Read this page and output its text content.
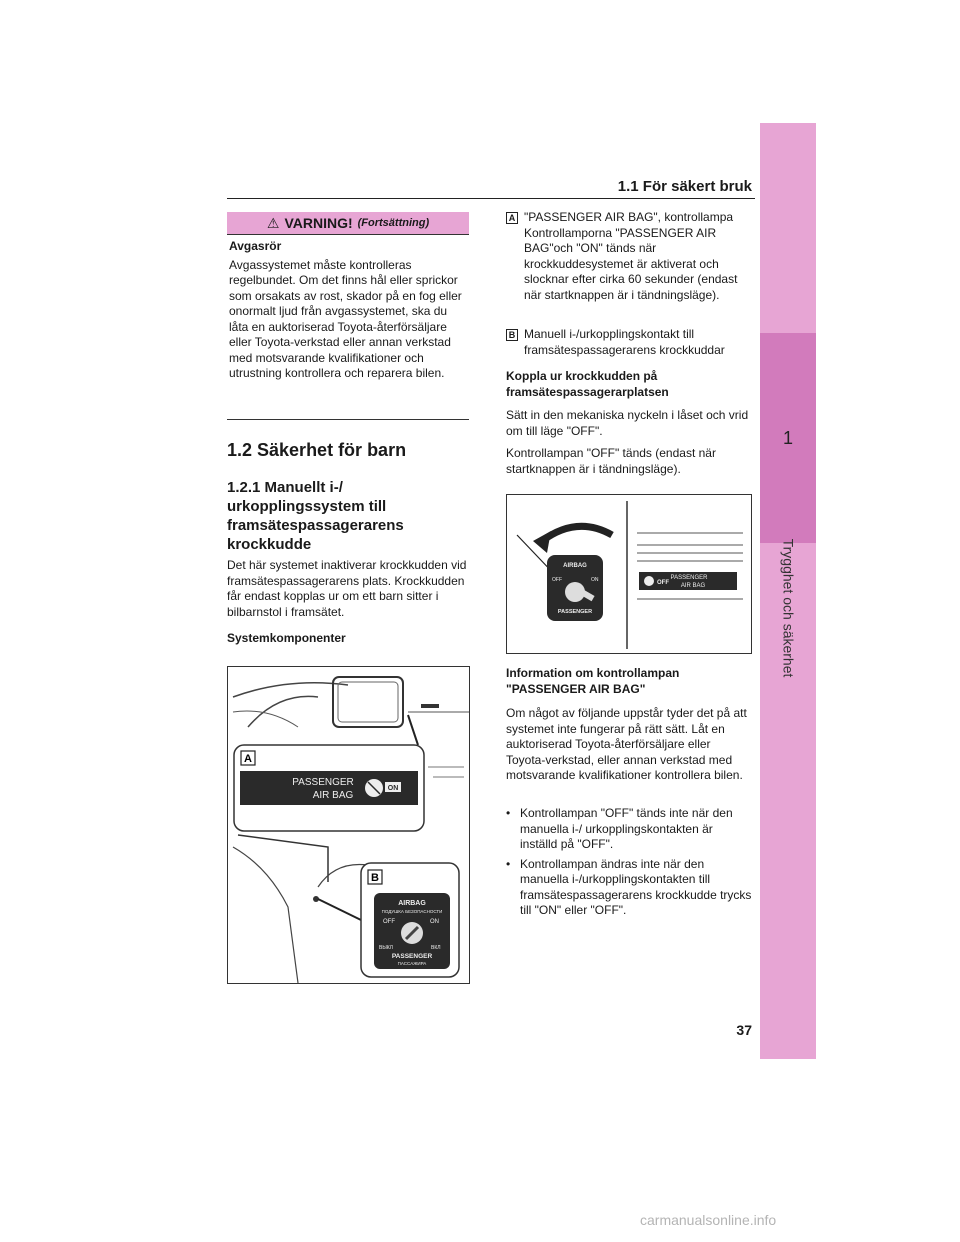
1.1 För säkert bruk
1
Trygghet och säkerhet
⚠ VARNING! (Fortsättning)
Avgasrör
Avgassystemet måste kontrolleras regelbundet. Om det finns hål eller sprickor som orsakats av rost, skador på en fog eller onormalt ljud från avgassystemet, ska du låta en auktoriserad Toyota-återförsäljare eller Toyota-verkstad eller annan verkstad med motsvarande kvalifikationer och utrustning kontrollera och reparera bilen.
1.2 Säkerhet för barn
1.2.1 Manuellt i-/ urkopplingssystem till framsätespassagerarens krockkudde
Det här systemet inaktiverar krockkudden vid framsätespassagerarens plats. Krockkudden får endast kopplas ur om ett barn sitter i bilbarnstol i framsätet.
Systemkomponenter
A
PASSENGER
AIR BAG
ON
B
AIRBAG
ПОДУШКА БЕЗОПАСНОСТИ
OFF	ON
ВЫКЛ	ВКЛ
PASSENGER
ПАССАЖИРА
A "PASSENGER AIR BAG", kontrollampa Kontrollamporna "PASSENGER AIR BAG"och "ON" tänds när krockkuddesystemet är aktiverat och slocknar efter cirka 60 sekunder (endast när startknappen är i tändningsläge).
B Manuell i-/urkopplingskontakt till framsätespassagerarens krockkuddar
Koppla ur krockkudden på framsätespassagerarplatsen
Sätt in den mekaniska nyckeln i låset och vrid om till läge "OFF".
Kontrollampan "OFF" tänds (endast när startknappen är i tändningsläge).
AIRBAG
OFF	ON
PASSENGER
OFF
PASSENGER
AIR BAG
Information om kontrollampan "PASSENGER AIR BAG"
Om något av följande uppstår tyder det på att systemet inte fungerar på rätt sätt. Låt en auktoriserad Toyota-återförsäljare eller Toyota-verkstad, eller annan verkstad med motsvarande kvalifikationer kontrollera bilen.
• Kontrollampan "OFF" tänds inte när den manuella i-/ urkopplingskontakten är inställd på "OFF".
• Kontrollampan ändras inte när den manuella i-/urkopplingskontakten till framsätespassagerarens krockkudde trycks till "ON" eller "OFF".
37
carmanualsonline.info
